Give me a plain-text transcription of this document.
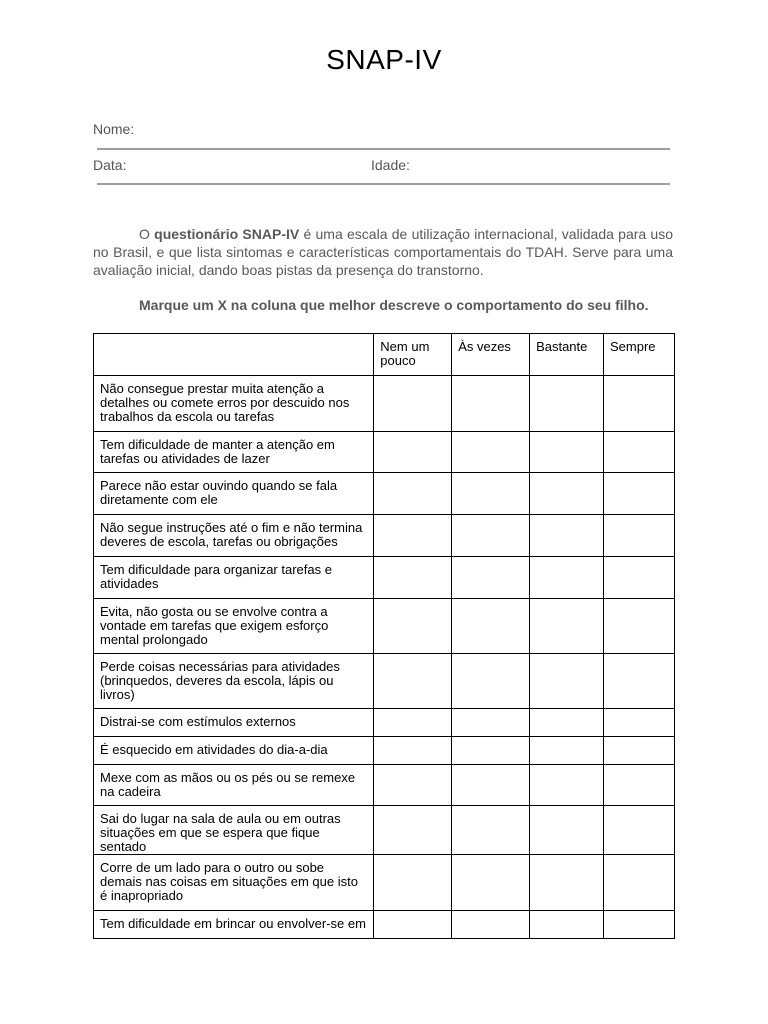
SNAP-IV
Nome:
Data:	Idade:

O questionário SNAP-IV é uma escala de utilização internacional, validada para uso no Brasil, e que lista sintomas e características comportamentais do TDAH. Serve para uma avaliação inicial, dando boas pistas da presença do transtorno.

Marque um X na coluna que melhor descreve o comportamento do seu filho.

	Nem um pouco	Às vezes	Bastante	Sempre
Não consegue prestar muita atenção a detalhes ou comete erros por descuido nos trabalhos da escola ou tarefas				
Tem dificuldade de manter a atenção em tarefas ou atividades de lazer				
Parece não estar ouvindo quando se fala diretamente com ele				
Não segue instruções até o fim e não termina deveres de escola, tarefas ou obrigações				
Tem dificuldade para organizar tarefas e atividades				
Evita, não gosta ou se envolve contra a vontade em tarefas que exigem esforço mental prolongado				
Perde coisas necessárias para atividades (brinquedos, deveres da escola, lápis ou livros)				
Distrai-se com estímulos externos				
É esquecido em atividades do dia-a-dia				
Mexe com as mãos ou os pés ou se remexe na cadeira				
Sai do lugar na sala de aula ou em outras situações em que se espera que fique sentado				
Corre de um lado para o outro ou sobe demais nas coisas em situações em que isto é inapropriado				
Tem dificuldade em brincar ou envolver-se em				
